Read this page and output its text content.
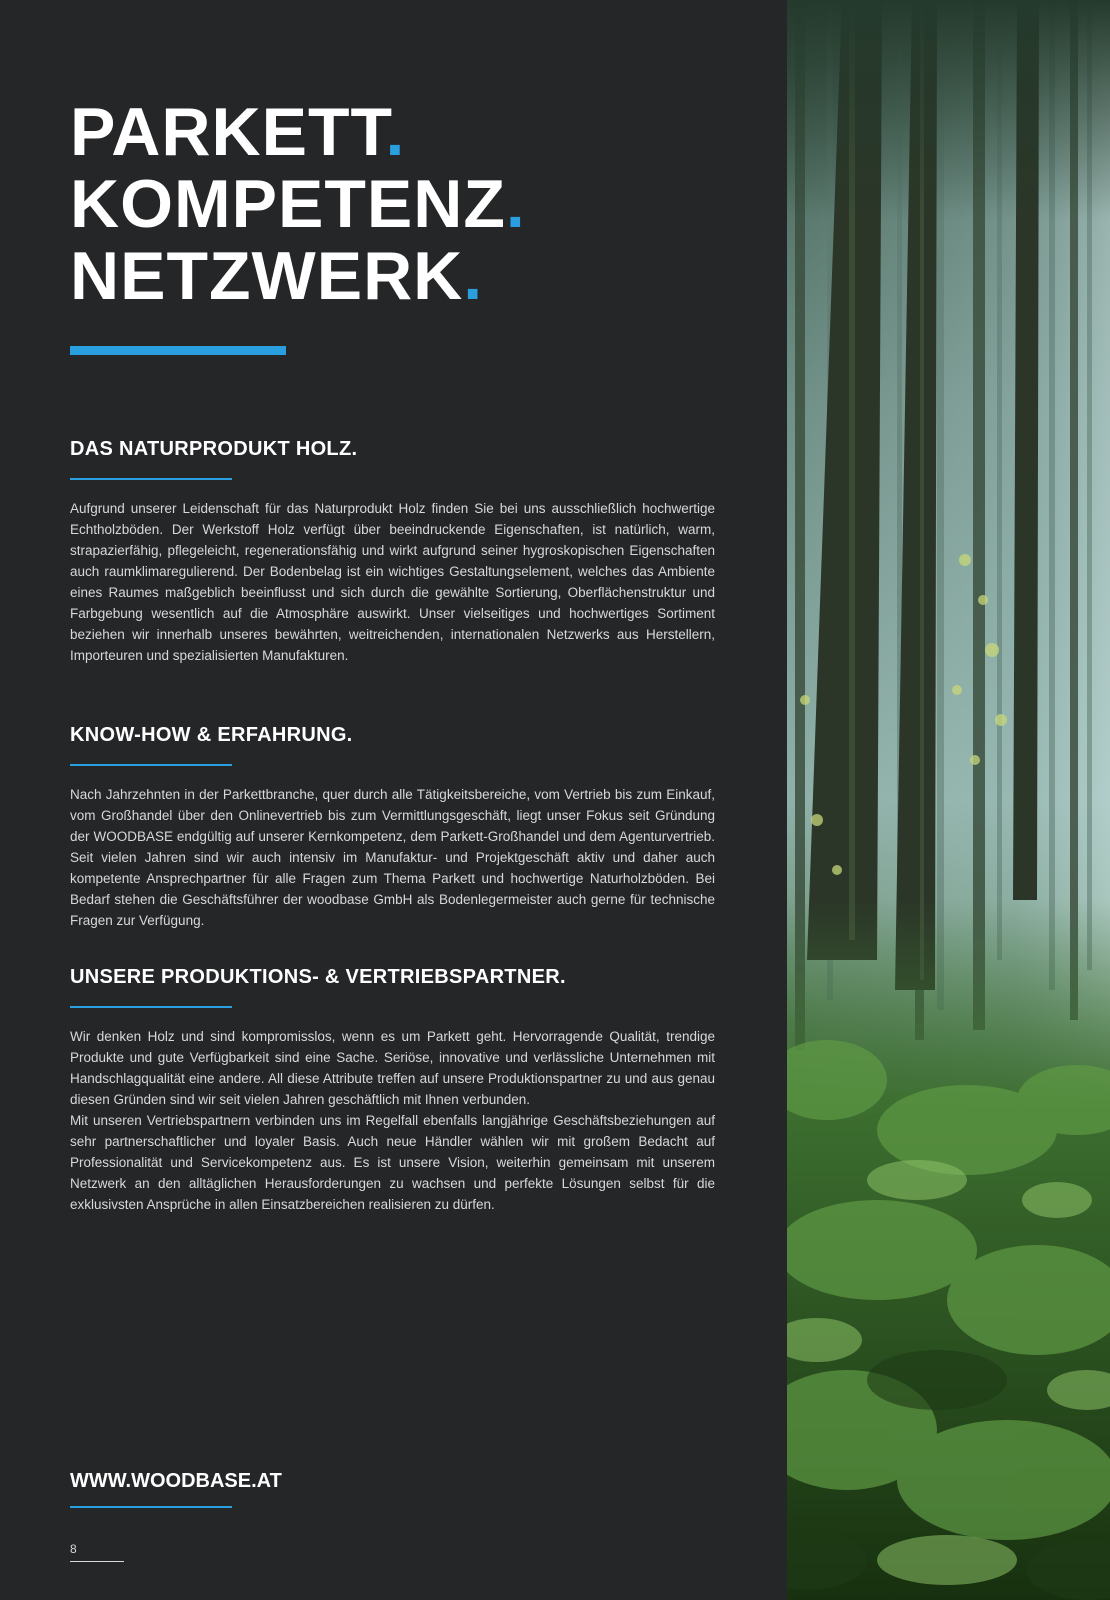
PARKETT.
KOMPETENZ.
NETZWERK.
DAS NATURPRODUKT HOLZ.

Aufgrund unserer Leidenschaft für das Naturprodukt Holz finden Sie bei uns ausschließlich hochwertige Echtholzböden. Der Werkstoff Holz verfügt über beeindruckende Eigenschaften, ist natürlich, warm, strapazierfähig, pflegeleicht, regenerationsfähig und wirkt aufgrund seiner hygroskopischen Eigenschaften auch raumklimaregulierend. Der Bodenbelag ist ein wichtiges Gestaltungselement, welches das Ambiente eines Raumes maßgeblich beeinflusst und sich durch die gewählte Sortierung, Oberflächenstruktur und Farbgebung wesentlich auf die Atmosphäre auswirkt. Unser vielseitiges und hochwertiges Sortiment beziehen wir innerhalb unseres bewährten, weitreichenden, internationalen Netzwerks aus Herstellern, Importeuren und spezialisierten Manufakturen.

KNOW-HOW & ERFAHRUNG.

Nach Jahrzehnten in der Parkettbranche, quer durch alle Tätigkeitsbereiche, vom Vertrieb bis zum Einkauf, vom Großhandel über den Onlinevertrieb bis zum Vermittlungsgeschäft, liegt unser Fokus seit Gründung der WOODBASE endgültig auf unserer Kernkompetenz, dem Parkett-Großhandel und dem Agenturvertrieb. Seit vielen Jahren sind wir auch intensiv im Manufaktur- und Projektgeschäft aktiv und daher auch kompetente Ansprechpartner für alle Fragen zum Thema Parkett und hochwertige Naturholzböden. Bei Bedarf stehen die Geschäftsführer der woodbase GmbH als Bodenlegermeister auch gerne für technische Fragen zur Verfügung.

UNSERE PRODUKTIONS- & VERTRIEBSPARTNER.

Wir denken Holz und sind kompromisslos, wenn es um Parkett geht. Hervorragende Qualität, trendige Produkte und gute Verfügbarkeit sind eine Sache. Seriöse, innovative und verlässliche Unternehmen mit Handschlagqualität eine andere. All diese Attribute treffen auf unsere Produktionspartner zu und aus genau diesen Gründen sind wir seit vielen Jahren geschäftlich mit Ihnen verbunden.

Mit unseren Vertriebspartnern verbinden uns im Regelfall ebenfalls langjährige Geschäftsbeziehungen auf sehr partnerschaftlicher und loyaler Basis. Auch neue Händler wählen wir mit großem Bedacht auf Professionalität und Servicekompetenz aus. Es ist unsere Vision, weiterhin gemeinsam mit unserem Netzwerk an den alltäglichen Herausforderungen zu wachsen und perfekte Lösungen selbst für die exklusivsten Ansprüche in allen Einsatzbereichen realisieren zu dürfen.

WWW.WOODBASE.AT
8
